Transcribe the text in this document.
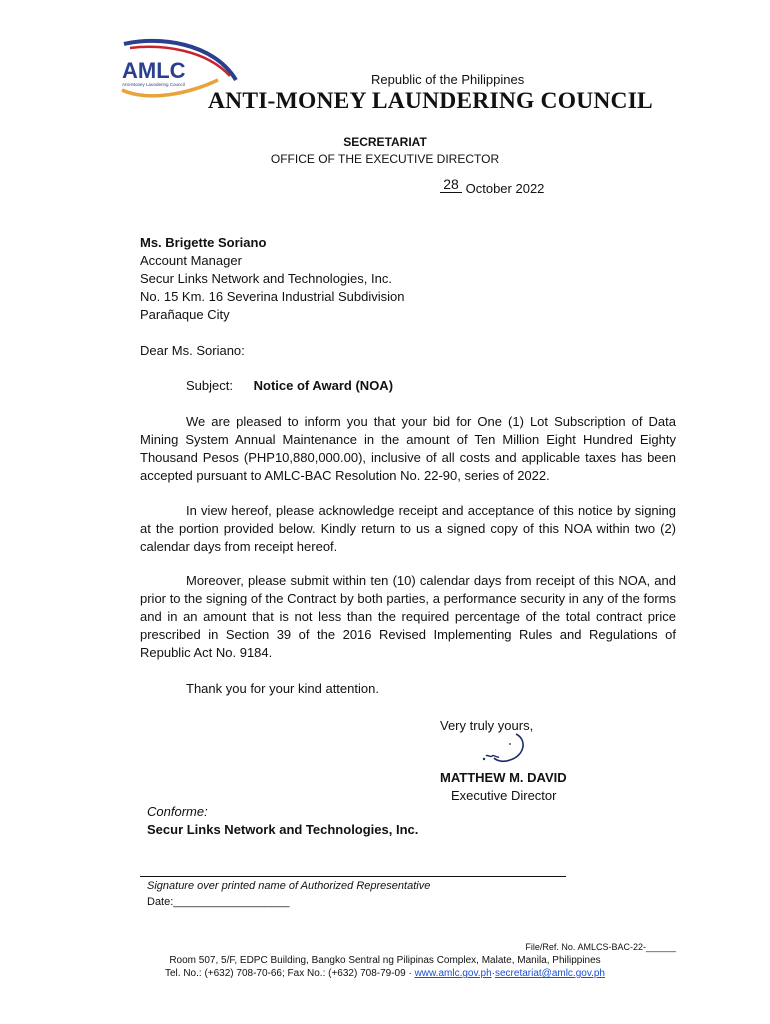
AMLC
Anti-Money Laundering Council	Republic of the Philippines
ANTI-MONEY LAUNDERING COUNCIL
SECRETARIAT
OFFICE OF THE EXECUTIVE DIRECTOR
28 October 2022
Ms. Brigette Soriano
Account Manager
Secur Links Network and Technologies, Inc.
No. 15 Km. 16 Severina Industrial Subdivision
Parañaque City
Dear Ms. Soriano:
Subject: Notice of Award (NOA)
We are pleased to inform you that your bid for One (1) Lot Subscription of Data Mining System Annual Maintenance in the amount of Ten Million Eight Hundred Eighty Thousand Pesos (PHP10,880,000.00), inclusive of all costs and applicable taxes has been accepted pursuant to AMLC-BAC Resolution No. 22-90, series of 2022.
In view hereof, please acknowledge receipt and acceptance of this notice by signing at the portion provided below. Kindly return to us a signed copy of this NOA within two (2) calendar days from receipt hereof.
Moreover, please submit within ten (10) calendar days from receipt of this NOA, and prior to the signing of the Contract by both parties, a performance security in any of the forms and in an amount that is not less than the required percentage of the total contract price prescribed in Section 39 of the 2016 Revised Implementing Rules and Regulations of Republic Act No. 9184.
Thank you for your kind attention.
Very truly yours,
MATTHEW M. DAVID
Executive Director
Conforme:
Secur Links Network and Technologies, Inc.
Signature over printed name of Authorized Representative
Date:___________________
File/Ref. No. AMLCS-BAC-22-______
Room 507, 5/F, EDPC Building, Bangko Sentral ng Pilipinas Complex, Malate, Manila, Philippines
Tel. No.: (+632) 708-70-66; Fax No.: (+632) 708-79-09 · www.amlc.gov.ph·secretariat@amlc.gov.ph
